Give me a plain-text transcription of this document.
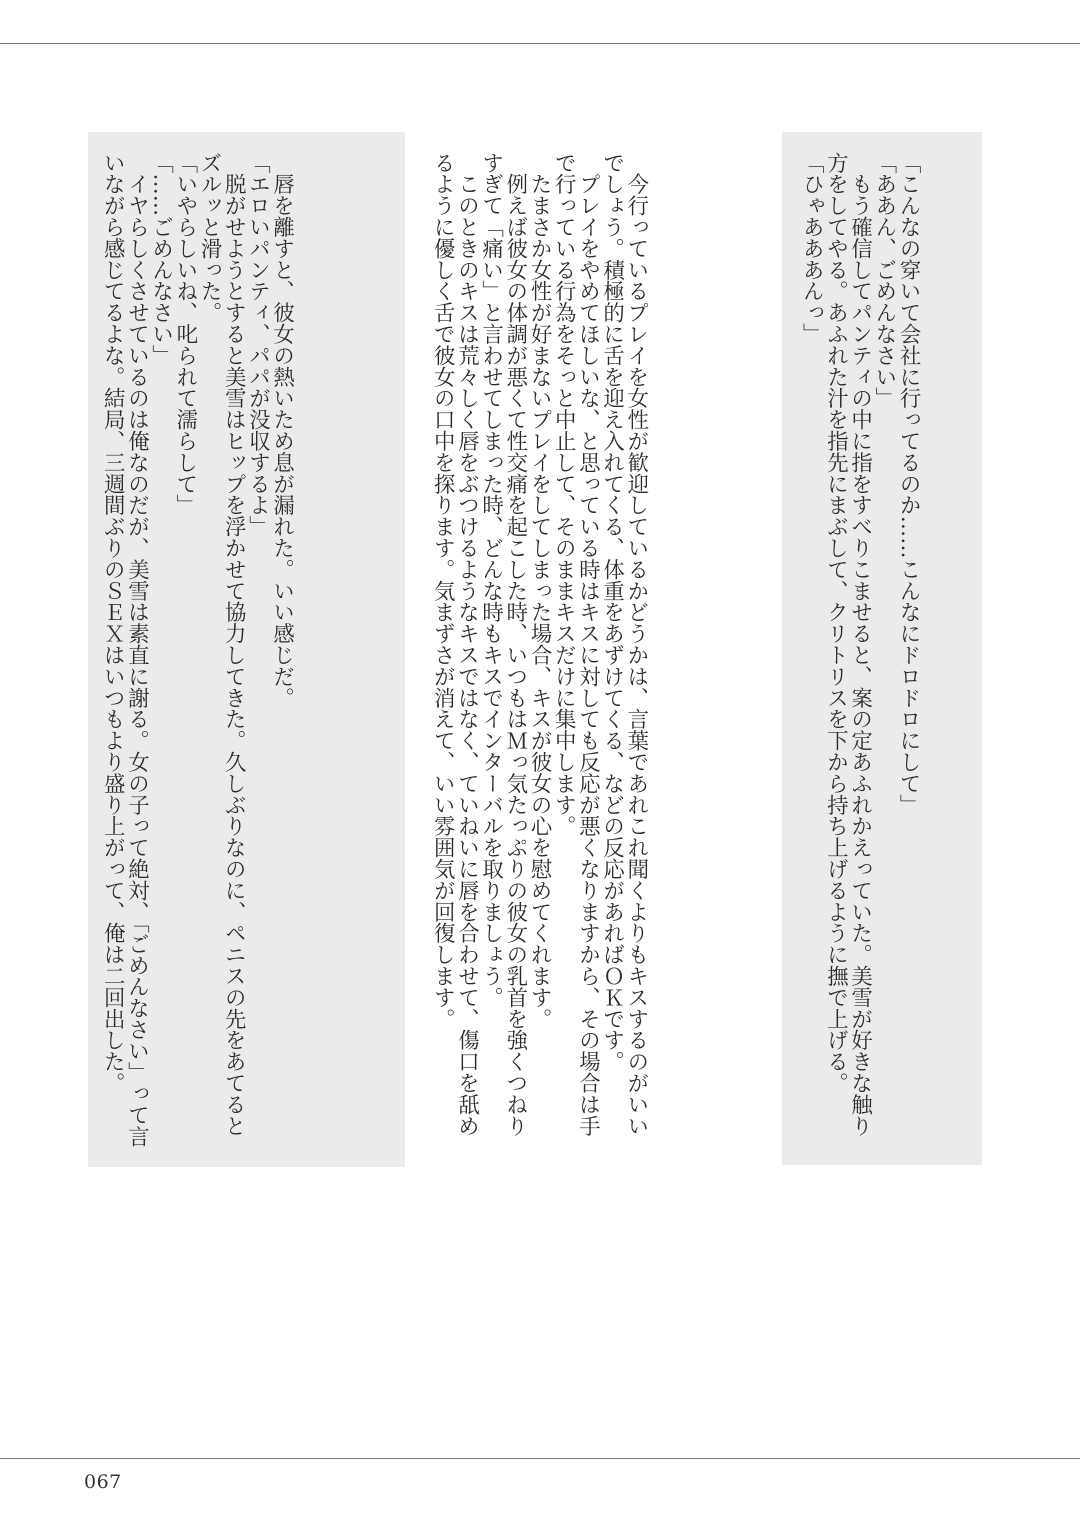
「こんなの穿いて会社に行ってるのか……こんなにドロドロにして」

「ああん、ごめんなさい」

　もう確信してパンティの中に指をすべりこませると、案の定あふれかえっていた。美雪が好きな触り方をしてやる。あふれた汁を指先にまぶして、クリトリスを下から持ち上げるように撫で上げる。

「ひゃあああんっ」

　今行っているプレイを女性が歓迎しているかどうかは、言葉であれこれ聞くよりもキスするのがいいでしょう。積極的に舌を迎え入れてくる、体重をあずけてくる、などの反応があればＯＫです。

　プレイをやめてほしいな、と思っている時はキスに対しても反応が悪くなりますから、その場合は手で行っている行為をそっと中止して、そのままキスだけに集中します。

　たまさか女性が好まないプレイをしてしまった場合、キスが彼女の心を慰めてくれます。

　例えば彼女の体調が悪くて性交痛を起こした時、いつもはＭっ気たっぷりの彼女の乳首を強くつねりすぎて「痛い」と言わせてしまった時、どんな時もキスでインターバルを取りましょう。

　このときのキスは荒々しく唇をぶつけるようなキスではなく、ていねいに唇を合わせて、傷口を舐めるように優しく舌で彼女の口中を探ります。気まずさが消えて、いい雰囲気が回復します。

　唇を離すと、彼女の熱いため息が漏れた。いい感じだ。

「エロいパンティ、パパが没収するよ」

　脱がせようとすると美雪はヒップを浮かせて協力してきた。久しぶりなのに、ペニスの先をあてるとズルッと滑った。

「いやらしいね、叱られて濡らして」

「……ごめんなさい」

　イヤらしくさせているのは俺なのだが、美雪は素直に謝る。女の子って絶対、「ごめんなさい」って言いながら感じてるよな。結局、三週間ぶりのＳＥＸはいつもより盛り上がって、俺は二回出した。

067
